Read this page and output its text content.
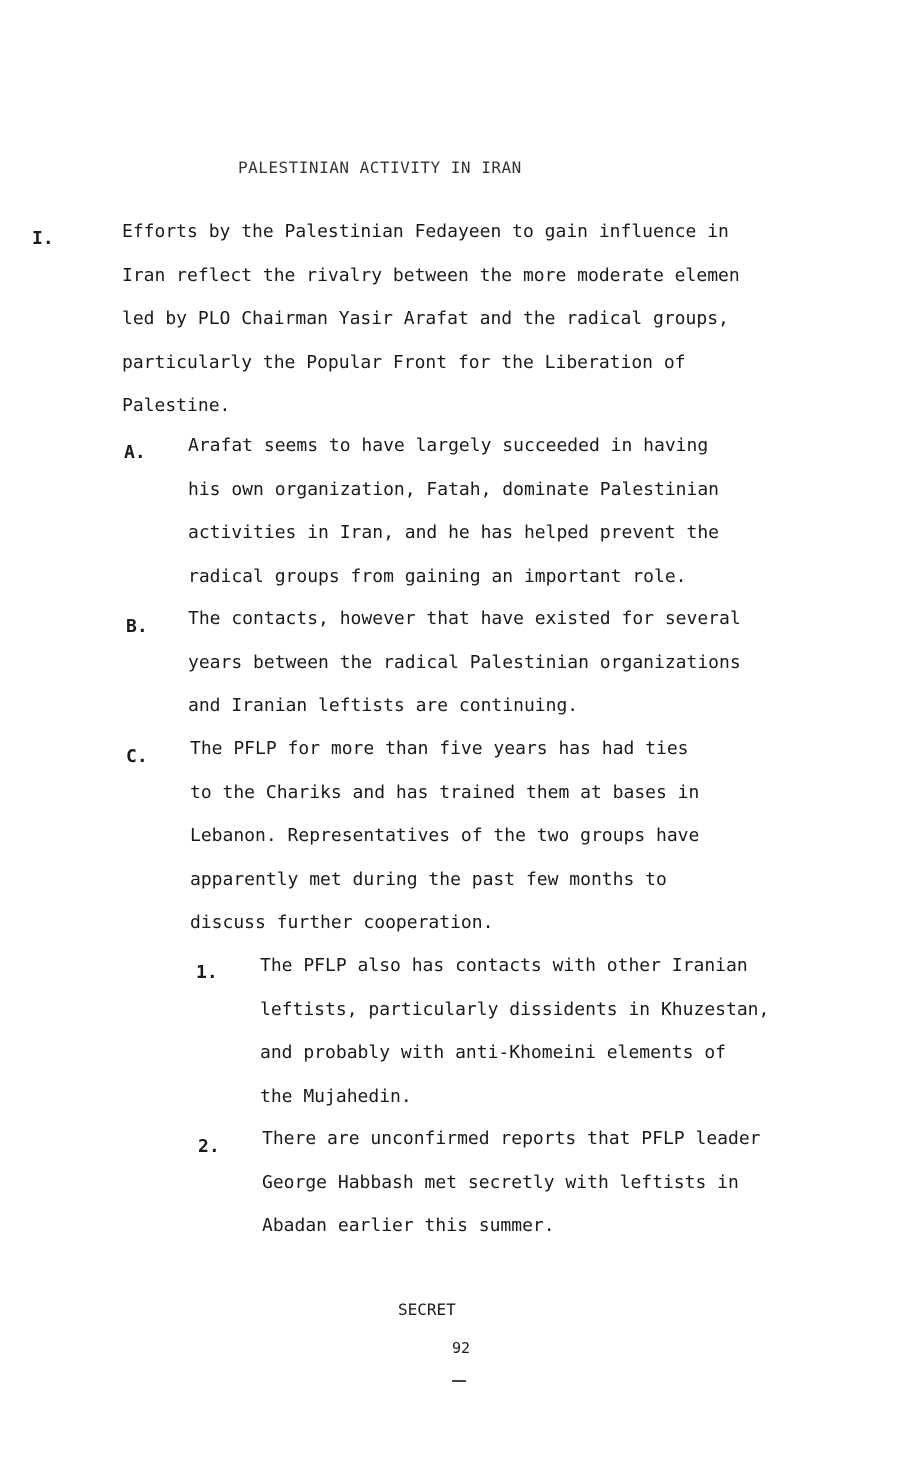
PALESTINIAN ACTIVITY IN IRAN
I.	Efforts by the Palestinian Fedayeen to gain influence in
Iran reflect the rivalry between the more moderate elemen
led by PLO Chairman Yasir Arafat and the radical groups,
particularly the Popular Front for the Liberation of
Palestine.
A. Arafat seems to have largely succeeded in having
his own organization, Fatah, dominate Palestinian
activities in Iran, and he has helped prevent the
radical groups from gaining an important role.
B. The contacts, however that have existed for several
years between the radical Palestinian organizations
and Iranian leftists are continuing.
C. The PFLP for more than five years has had ties
to the Chariks and has trained them at bases in
Lebanon. Representatives of the two groups have
apparently met during the past few months to
discuss further cooperation.
1. The PFLP also has contacts with other Iranian
leftists, particularly dissidents in Khuzestan,
and probably with anti-Khomeini elements of
the Mujahedin.
2. There are unconfirmed reports that PFLP leader
George Habbash met secretly with leftists in
Abadan earlier this summer.
SECRET
92
